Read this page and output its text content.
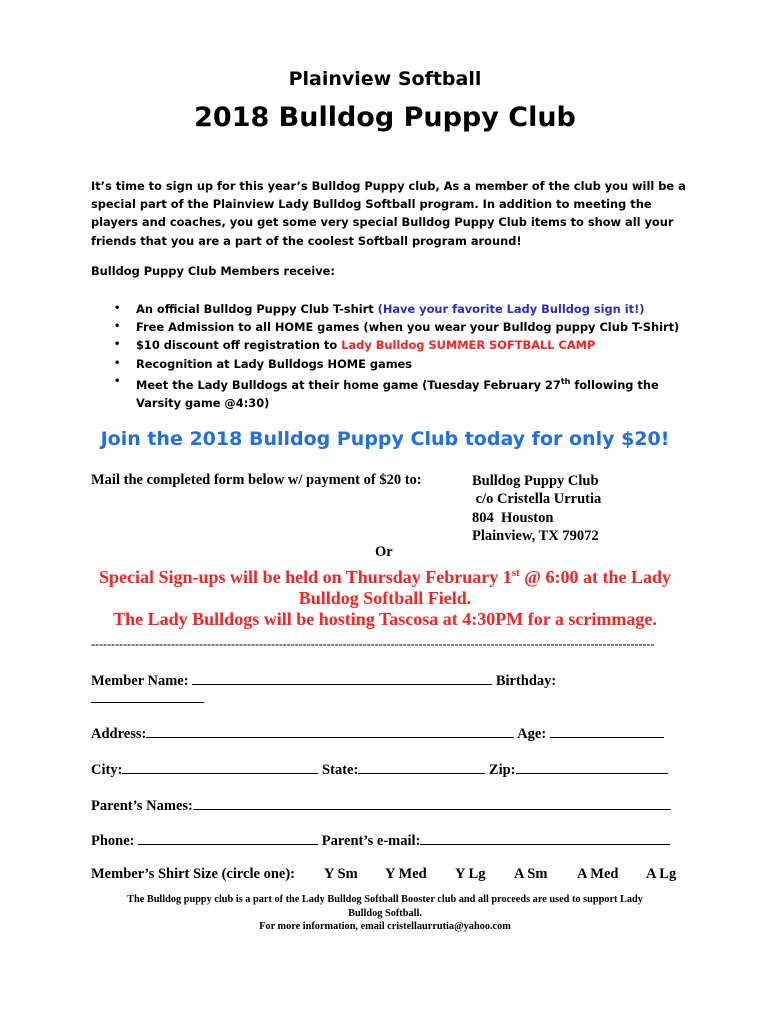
Plainview Softball
2018 Bulldog Puppy Club
It’s time to sign up for this year’s Bulldog Puppy club, As a member of the club you will be a
special part of the Plainview Lady Bulldog Softball program. In addition to meeting the
players and coaches, you get some very special Bulldog Puppy Club items to show all your
friends that you are a part of the coolest Softball program around!
Bulldog Puppy Club Members receive:
• An official Bulldog Puppy Club T-shirt (Have your favorite Lady Bulldog sign it!)
• Free Admission to all HOME games (when you wear your Bulldog puppy Club T-Shirt)
• $10 discount off registration to Lady Bulldog SUMMER SOFTBALL CAMP
• Recognition at Lady Bulldogs HOME games
• Meet the Lady Bulldogs at their home game (Tuesday February 27th following the
Varsity game @4:30)
Join the 2018 Bulldog Puppy Club today for only $20!
Mail the completed form below w/ payment of $20 to:	Bulldog Puppy Club
c/o Cristella Urrutia
804  Houston
Plainview, TX 79072
Or
Special Sign-ups will be held on Thursday February 1st @ 6:00 at the Lady
Bulldog Softball Field.
The Lady Bulldogs will be hosting Tascosa at 4:30PM for a scrimmage.
---------------------------------------------------------------------------------------------------------------------------------------------
Member Name:	Birthday:
Address:	Age:
City:	State:	Zip:
Parent’s Names:
Phone:	Parent’s e-mail:
Member’s Shirt Size (circle one): Y Sm Y Med Y Lg A Sm A Med A Lg
The Bulldog puppy club is a part of the Lady Bulldog Softball Booster club and all proceeds are used to support Lady
Bulldog Softball.
For more information, email cristellaurrutia@yahoo.com
